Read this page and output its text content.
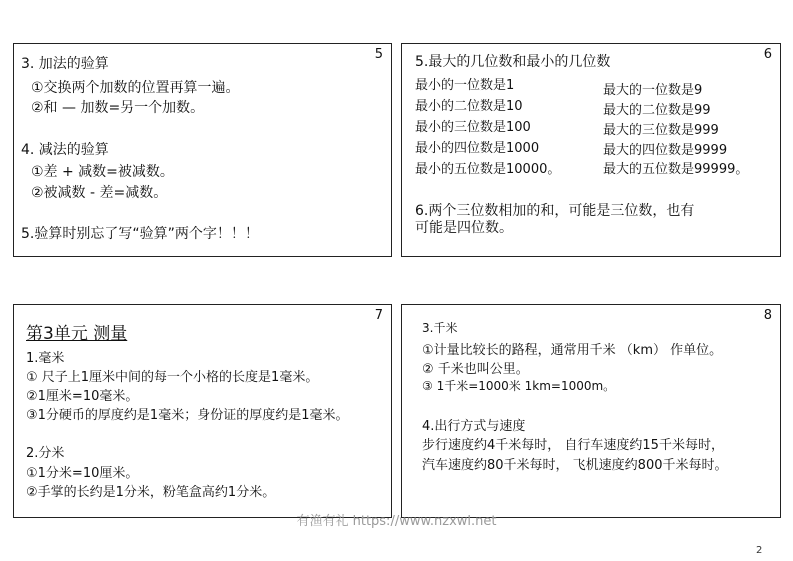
5
3. 加法的验算
①交换两个加数的位置再算一遍。
②和 — 加数=另一个加数。
4. 减法的验算
①差 + 减数=被减数。
②被减数 - 差=减数。
5.验算时别忘了写“验算”两个字！！！
6
5.最大的几位数和最小的几位数
最小的一位数是1
最小的二位数是10
最小的三位数是100
最小的四位数是1000
最小的五位数是10000。
最大的一位数是9
最大的二位数是99
最大的三位数是999
最大的四位数是9999
最大的五位数是99999。
6.两个三位数相加的和，可能是三位数，也有
可能是四位数。
7
第3单元 测量
1.毫米
① 尺子上1厘米中间的每一个小格的长度是1毫米。
②1厘米=10毫米。
③1分硬币的厚度约是1毫米；身份证的厚度约是1毫米。
2.分米
①1分米=10厘米。
②手掌的长约是1分米，粉笔盒高约1分米。
8
3.千米
①计量比较长的路程，通常用千米 （km） 作单位。
② 千米也叫公里。
③ 1千米=1000米 1km=1000m。
4.出行方式与速度
步行速度约4千米每时， 自行车速度约15千米每时，
汽车速度约80千米每时， 飞机速度约800千米每时。
有渔有礼 https://www.nzxwl.net
2
